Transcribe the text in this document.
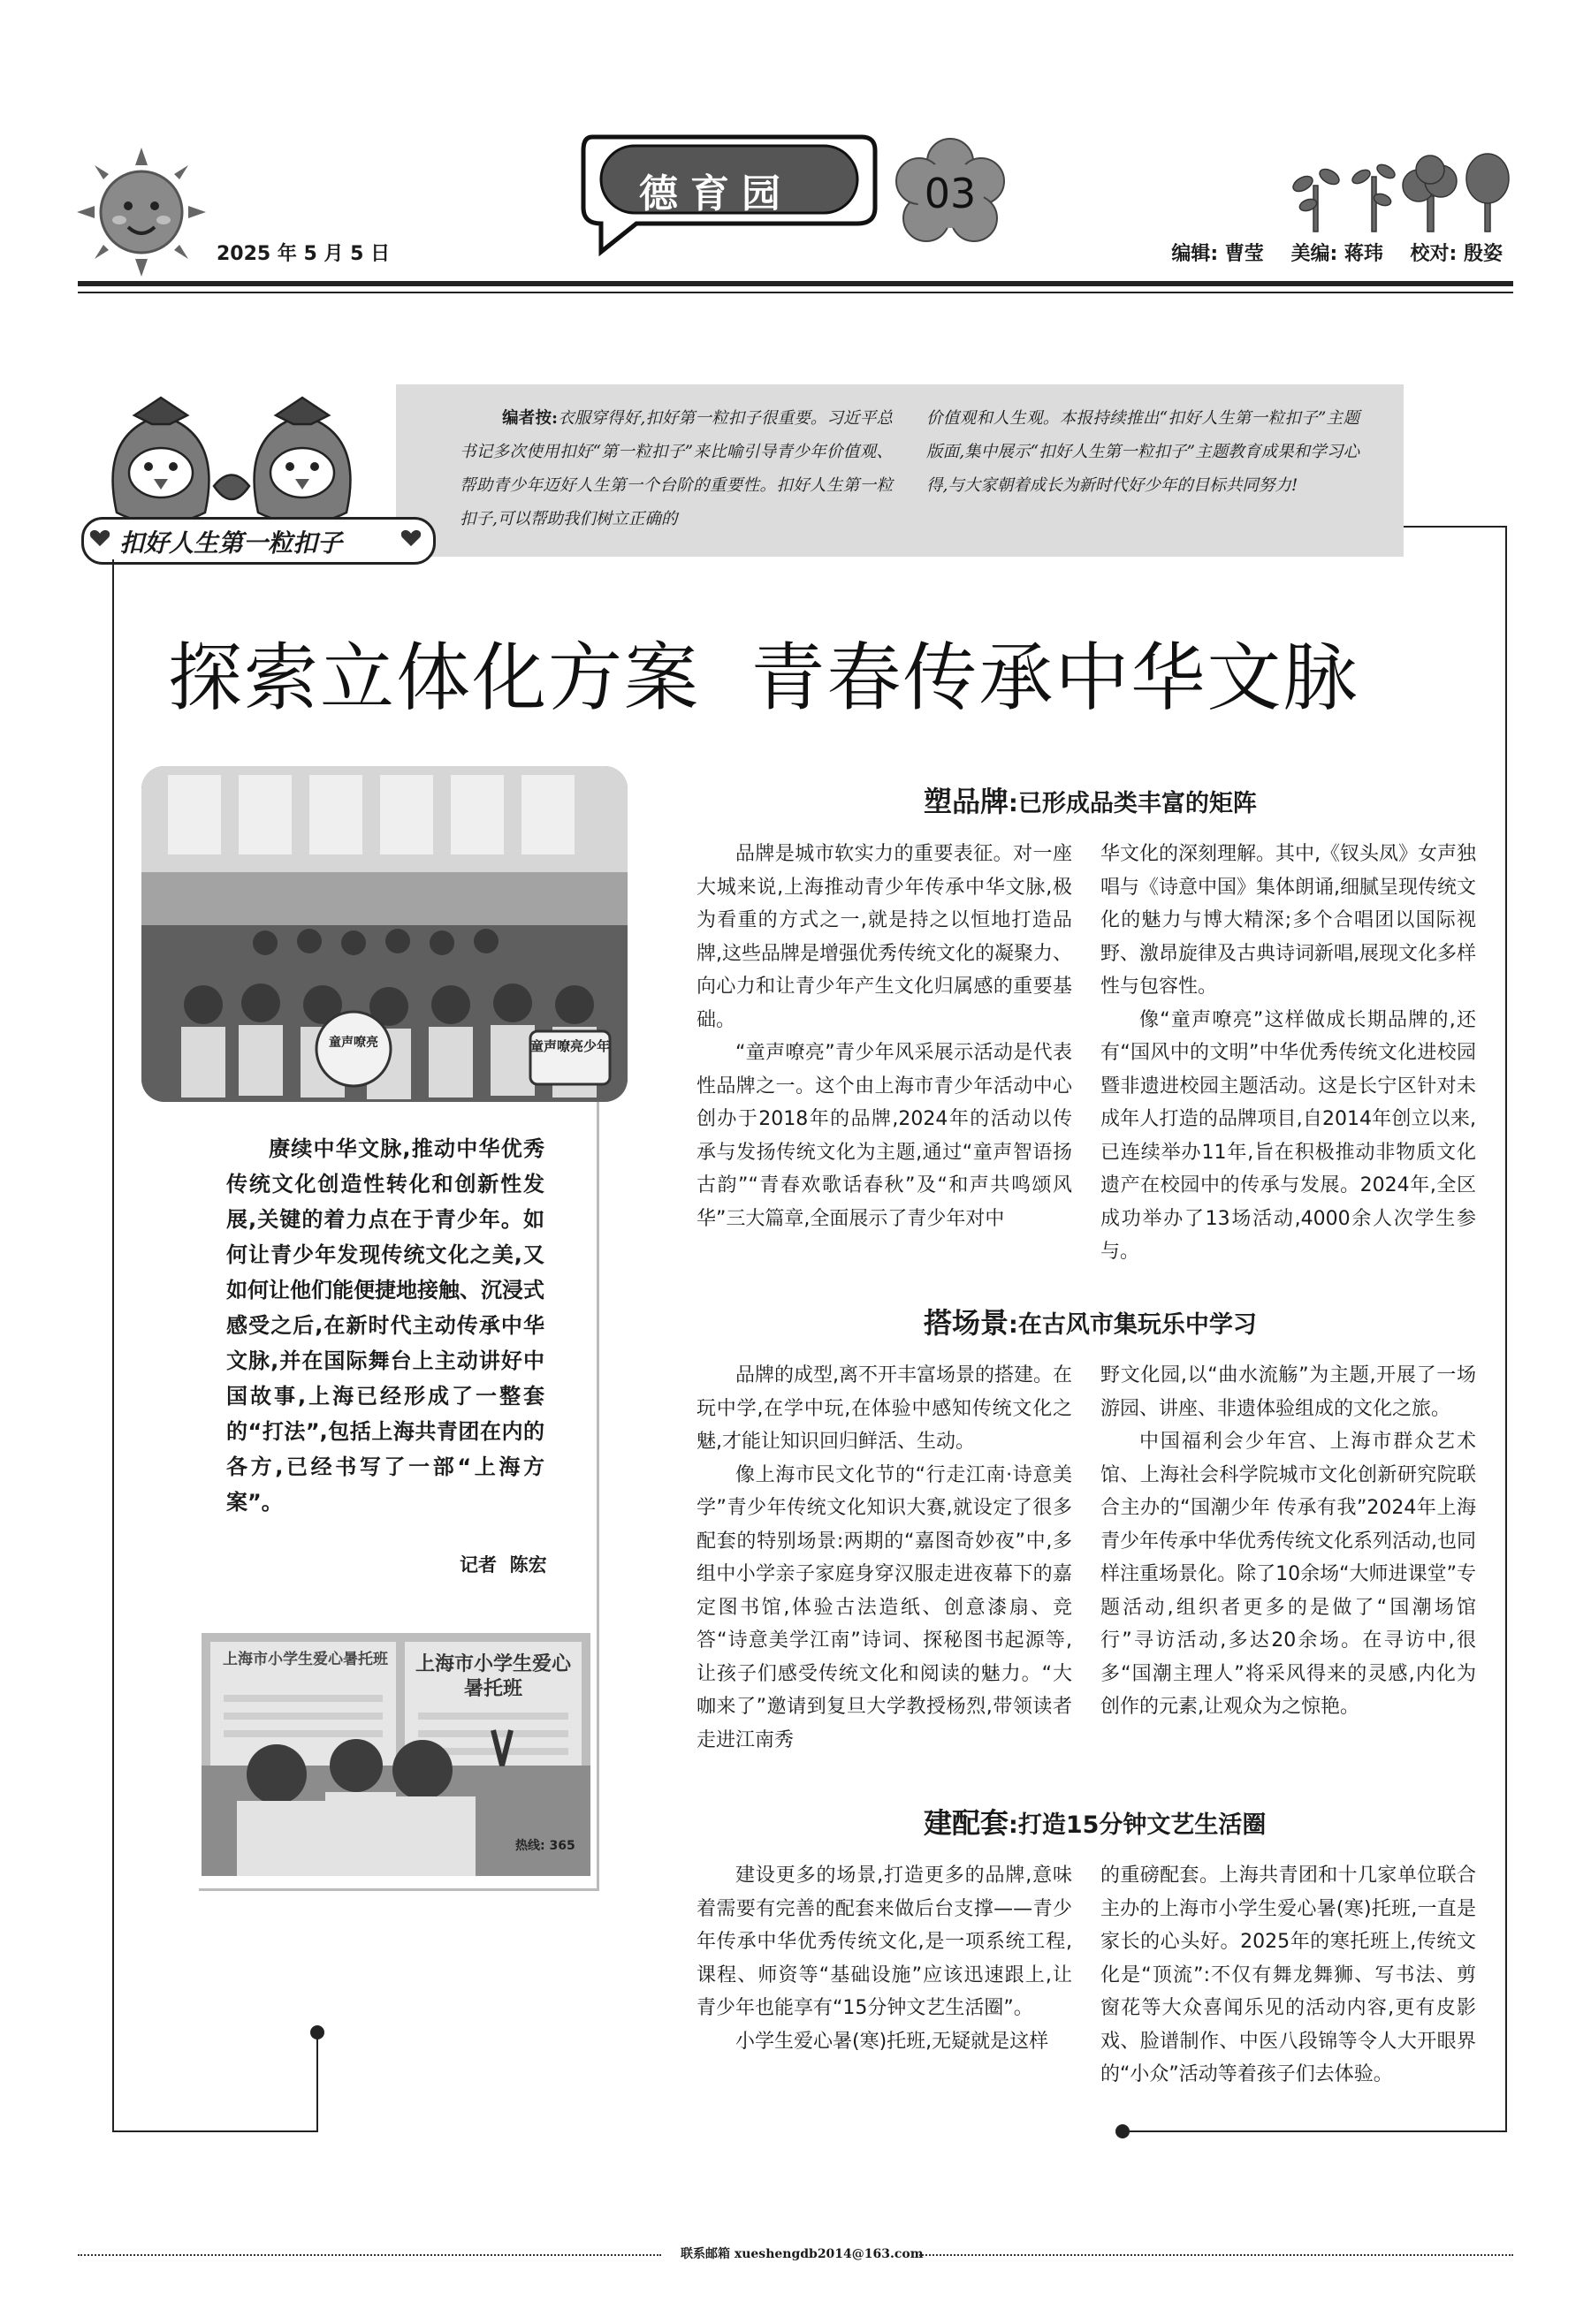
2025 年 5 月 5 日
德育园	03
编辑: 曹莹    美编: 蒋玮    校对: 殷姿
编者按:衣服穿得好,扣好第一粒扣子很重要。习近平总书记多次使用扣好“第一粒扣子”来比喻引导青少年价值观、帮助青少年迈好人生第一个台阶的重要性。扣好人生第一粒扣子,可以帮助我们树立正确的
价值观和人生观。本报持续推出“扣好人生第一粒扣子”主题版面,集中展示“扣好人生第一粒扣子”主题教育成果和学习心得,与大家朝着成长为新时代好少年的目标共同努力!
扣好人生第一粒扣子
探索立体化方案  青春传承中华文脉
童声嘹亮	童声嘹亮少年
赓续中华文脉,推动中华优秀传统文化创造性转化和创新性发展,关键的着力点在于青少年。如何让青少年发现传统文化之美,又如何让他们能便捷地接触、沉浸式感受之后,在新时代主动传承中华文脉,并在国际舞台上主动讲好中国故事,上海已经形成了一整套的“打法”,包括上海共青团在内的各方,已经书写了一部“上海方案”。
记者  陈宏
上海市小学生爱心暑托班	上海市小学生爱心暑托班
热线: 365
塑品牌:已形成品类丰富的矩阵

品牌是城市软实力的重要表征。对一座大城来说,上海推动青少年传承中华文脉,极为看重的方式之一,就是持之以恒地打造品牌,这些品牌是增强优秀传统文化的凝聚力、向心力和让青少年产生文化归属感的重要基础。

“童声嘹亮”青少年风采展示活动是代表性品牌之一。这个由上海市青少年活动中心创办于2018年的品牌,2024年的活动以传承与发扬传统文化为主题,通过“童声智语扬古韵”“青春欢歌话春秋”及“和声共鸣颂风华”三大篇章,全面展示了青少年对中

华文化的深刻理解。其中,《钗头凤》女声独唱与《诗意中国》集体朗诵,细腻呈现传统文化的魅力与博大精深;多个合唱团以国际视野、激昂旋律及古典诗词新唱,展现文化多样性与包容性。

像“童声嘹亮”这样做成长期品牌的,还有“国风中的文明”中华优秀传统文化进校园暨非遗进校园主题活动。这是长宁区针对未成年人打造的品牌项目,自2014年创立以来,已连续举办11年,旨在积极推动非物质文化遗产在校园中的传承与发展。2024年,全区成功举办了13场活动,4000余人次学生参与。

搭场景:在古风市集玩乐中学习

品牌的成型,离不开丰富场景的搭建。在玩中学,在学中玩,在体验中感知传统文化之魅,才能让知识回归鲜活、生动。

像上海市民文化节的“行走江南·诗意美学”青少年传统文化知识大赛,就设定了很多配套的特别场景:两期的“嘉图奇妙夜”中,多组中小学亲子家庭身穿汉服走进夜幕下的嘉定图书馆,体验古法造纸、创意漆扇、竞答“诗意美学江南”诗词、探秘图书起源等,让孩子们感受传统文化和阅读的魅力。“大咖来了”邀请到复旦大学教授杨烈,带领读者走进江南秀

野文化园,以“曲水流觞”为主题,开展了一场游园、讲座、非遗体验组成的文化之旅。

中国福利会少年宫、上海市群众艺术馆、上海社会科学院城市文化创新研究院联合主办的“国潮少年 传承有我”2024年上海青少年传承中华优秀传统文化系列活动,也同样注重场景化。除了10余场“大师进课堂”专题活动,组织者更多的是做了“国潮场馆行”寻访活动,多达20余场。在寻访中,很多“国潮主理人”将采风得来的灵感,内化为创作的元素,让观众为之惊艳。

建配套:打造15分钟文艺生活圈

建设更多的场景,打造更多的品牌,意味着需要有完善的配套来做后台支撑——青少年传承中华优秀传统文化,是一项系统工程,课程、师资等“基础设施”应该迅速跟上,让青少年也能享有“15分钟文艺生活圈”。

小学生爱心暑(寒)托班,无疑就是这样

的重磅配套。上海共青团和十几家单位联合主办的上海市小学生爱心暑(寒)托班,一直是家长的心头好。2025年的寒托班上,传统文化是“顶流”:不仅有舞龙舞狮、写书法、剪窗花等大众喜闻乐见的活动内容,更有皮影戏、脸谱制作、中医八段锦等令人大开眼界的“小众”活动等着孩子们去体验。

联系邮箱 xueshengdb2014@163.com
